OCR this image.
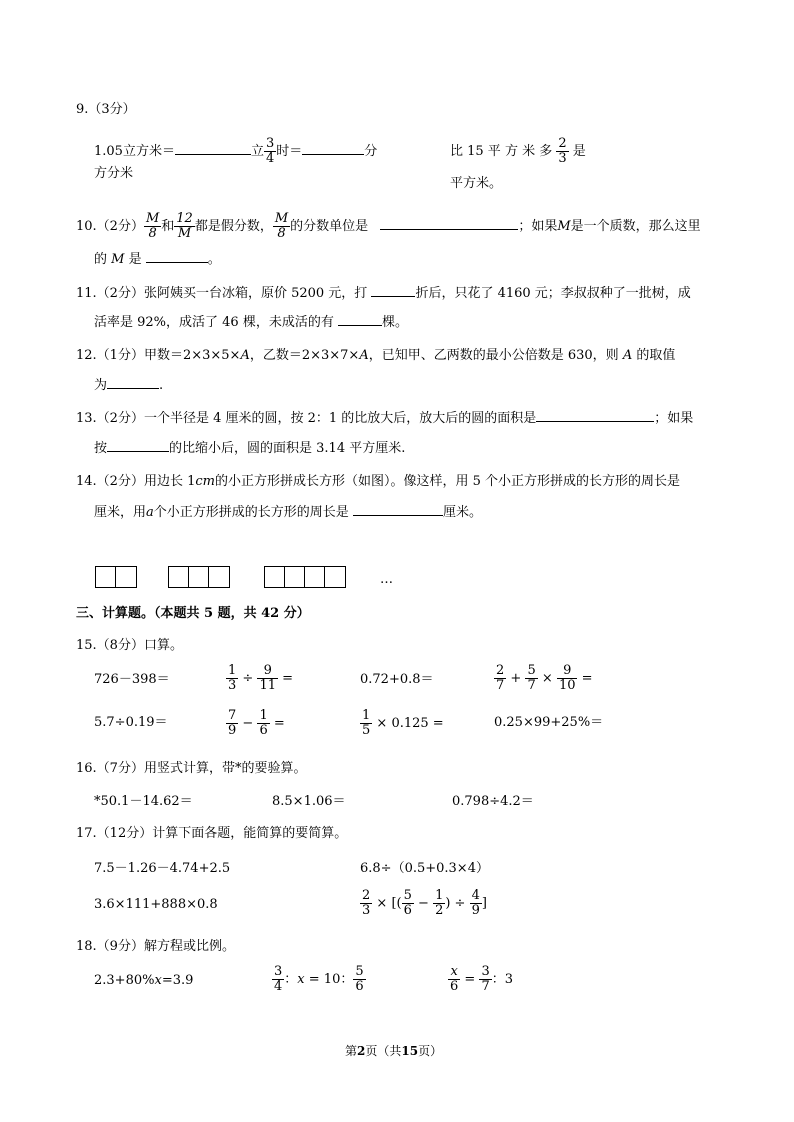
9.（3分）
1.05立方米＝	立 $\frac{3}{4}$ 时＝	分
方分米
比 15 平 方 米 多 $\frac{2}{3}$ 是
平方米。
10.（2分） $\frac{M}{8}$ 和 $\frac{12}{M}$ 都是假分数， $\frac{M}{8}$ 的分数单位是	；如果M是一个质数，那么这里
的 M 是	。
11.（2分）张阿姨买一台冰箱，原价 5200 元，打	折后，只花了 4160 元；李叔叔种了一批树，成
活率是 92%，成活了 46 棵，未成活的有	棵。
12.（1分）甲数＝2×3×5×A，乙数＝2×3×7×A，已知甲、乙两数的最小公倍数是 630，则 A 的取值
为	.
13.（2分）一个半径是 4 厘米的圆，按 2：1 的比放大后，放大后的圆的面积是	；如果
按	的比缩小后，圆的面积是 3.14 平方厘米.
14.（2分）用边长 1cm的小正方形拼成长方形（如图）。像这样，用 5 个小正方形拼成的长方形的周长是
厘米，用a个小正方形拼成的长方形的周长是	厘米。
…
三、计算题。（本题共 5 题，共 42 分）
15.（8分）口算。
726－398＝	$\frac{1}{3} \div \frac{9}{11}$ =	0.72+0.8＝	$\frac{2}{7} + \frac{5}{7} \times \frac{9}{10}$ =
5.7÷0.19＝	$\frac{7}{9} - \frac{1}{6}$ =	$\frac{1}{5} \times 0.125$ =	0.25×99+25%＝
16.（7分）用竖式计算，带*的要验算。
*50.1－14.62＝	8.5×1.06＝	0.798÷4.2＝
17.（12分）计算下面各题，能简算的要简算。
7.5－1.26－4.74+2.5	6.8÷（0.5+0.3×4）
3.6×111+888×0.8	$\frac{2}{3}$ × [( $\frac{5}{6} - \frac{1}{2}$ ) ÷ $\frac{4}{9}$ ]
18.（9分）解方程或比例。
2.3+80%x=3.9	$\frac{3}{4}$ ：x = 10： $\frac{5}{6}$	$\frac{x}{6} = \frac{3}{7}$ ：3
第2页（共15页）
